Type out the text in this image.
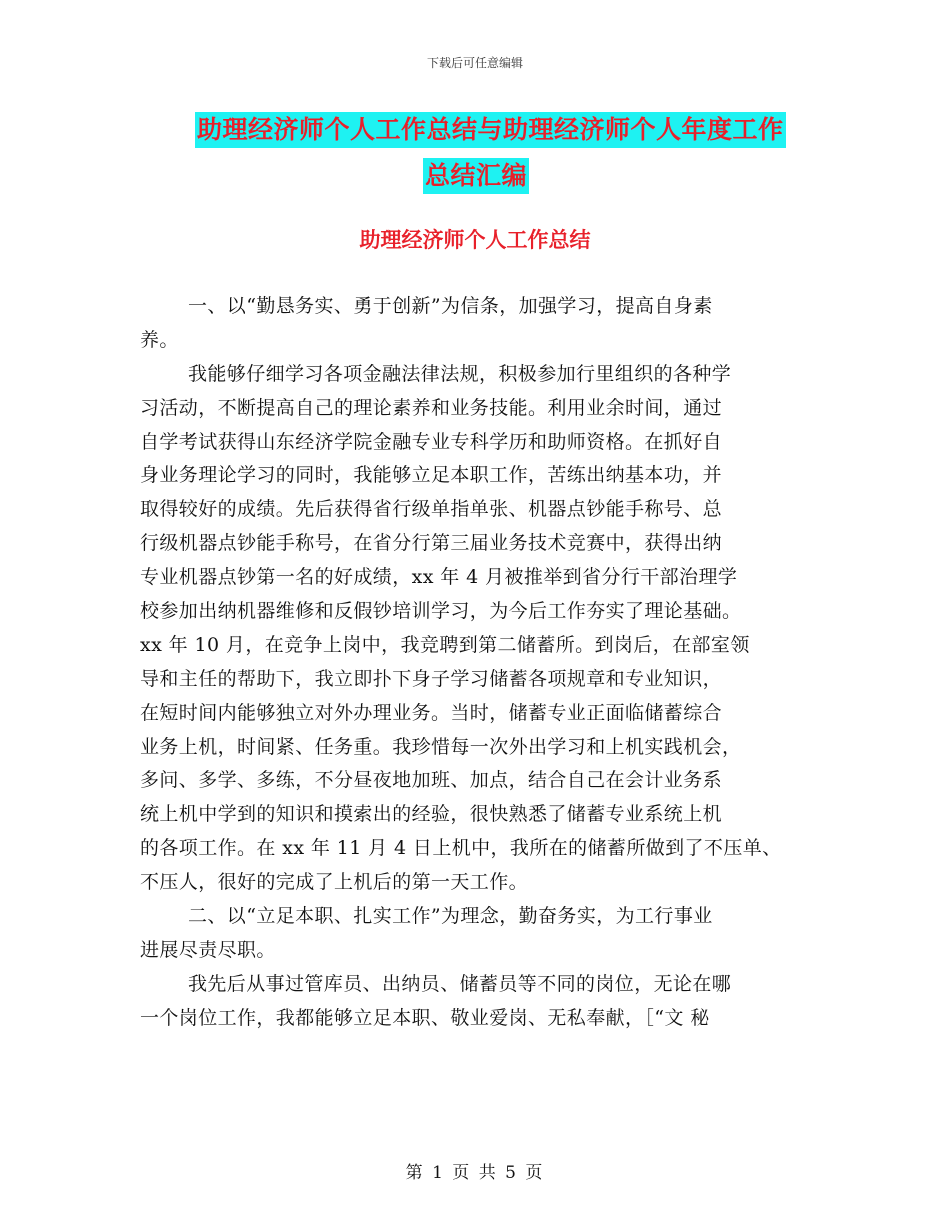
下载后可任意编辑
助理经济师个人工作总结与助理经济师个人年度工作
总结汇编
助理经济师个人工作总结
一、以“勤恳务实、勇于创新”为信条，加强学习，提高自身素
养。
我能够仔细学习各项金融法律法规，积极参加行里组织的各种学
习活动，不断提高自己的理论素养和业务技能。利用业余时间，通过
自学考试获得山东经济学院金融专业专科学历和助师资格。在抓好自
身业务理论学习的同时，我能够立足本职工作，苦练出纳基本功，并
取得较好的成绩。先后获得省行级单指单张、机器点钞能手称号、总
行级机器点钞能手称号，在省分行第三届业务技术竞赛中，获得出纳
专业机器点钞第一名的好成绩，xx 年 4 月被推举到省分行干部治理学
校参加出纳机器维修和反假钞培训学习，为今后工作夯实了理论基础。
xx 年 10 月，在竞争上岗中，我竞聘到第二储蓄所。到岗后，在部室领
导和主任的帮助下，我立即扑下身子学习储蓄各项规章和专业知识，
在短时间内能够独立对外办理业务。当时，储蓄专业正面临储蓄综合
业务上机，时间紧、任务重。我珍惜每一次外出学习和上机实践机会，
多问、多学、多练，不分昼夜地加班、加点，结合自己在会计业务系
统上机中学到的知识和摸索出的经验，很快熟悉了储蓄专业系统上机
的各项工作。在 xx 年 11 月 4 日上机中，我所在的储蓄所做到了不压单、
不压人，很好的完成了上机后的第一天工作。
二、以“立足本职、扎实工作”为理念，勤奋务实，为工行事业
进展尽责尽职。
我先后从事过管库员、出纳员、储蓄员等不同的岗位，无论在哪
一个岗位工作，我都能够立足本职、敬业爱岗、无私奉献，［“文 秘
第 1 页 共 5 页
